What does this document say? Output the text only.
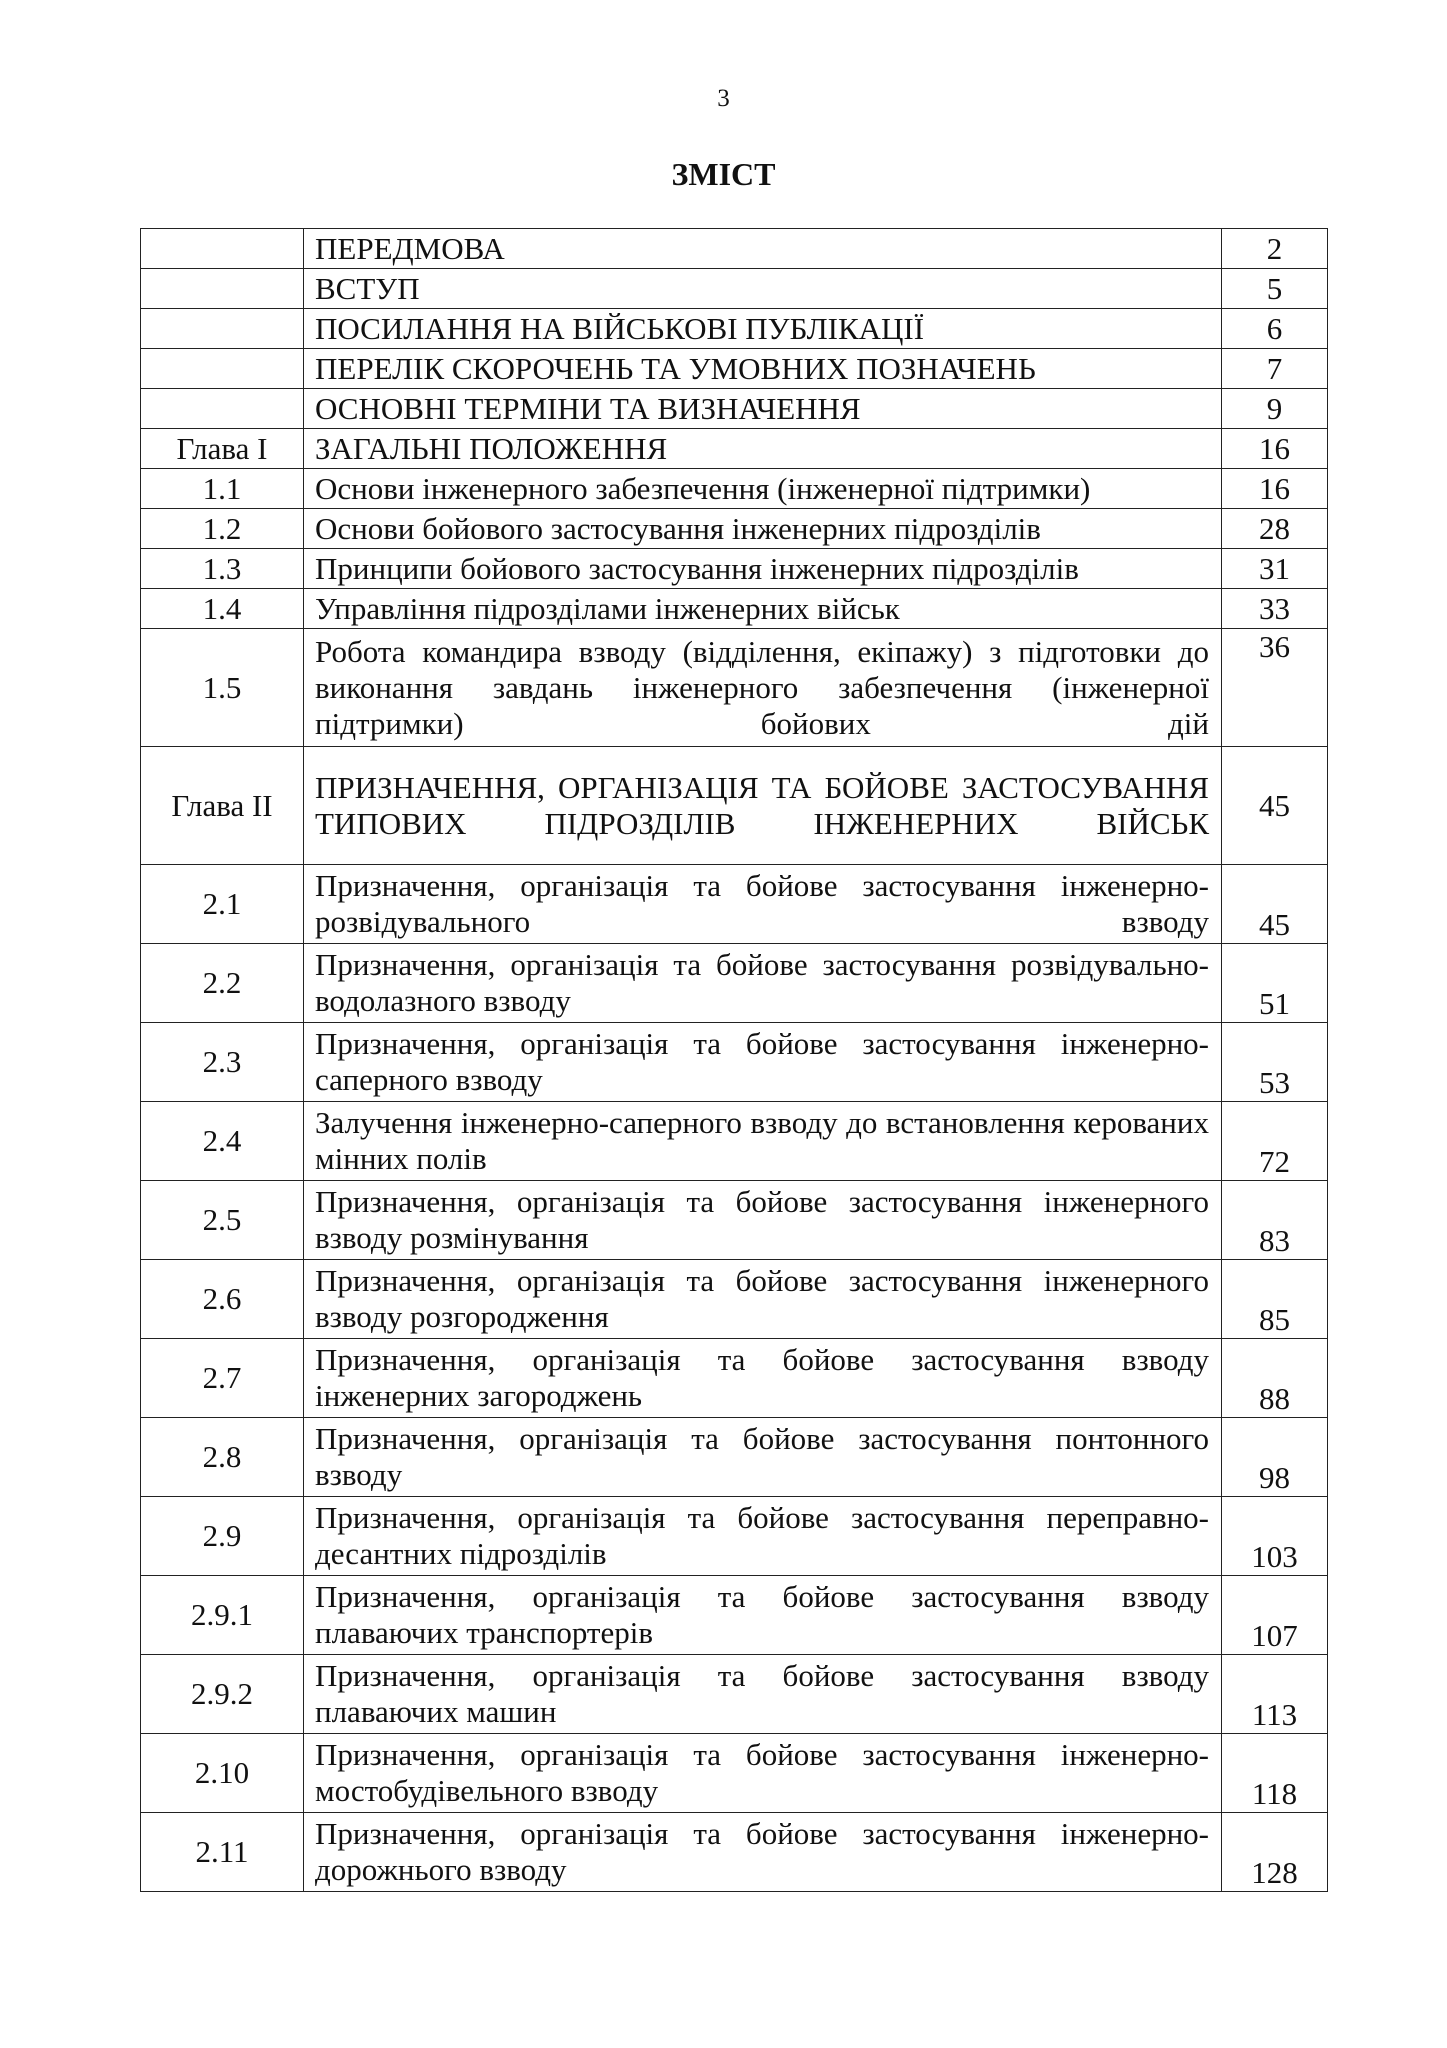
3
ЗМІСТ
	ПЕРЕДМОВА	2
	ВСТУП	5
	ПОСИЛАННЯ НА ВІЙСЬКОВІ ПУБЛІКАЦІЇ	6
	ПЕРЕЛІК СКОРОЧЕНЬ ТА УМОВНИХ ПОЗНАЧЕНЬ	7
	ОСНОВНІ ТЕРМІНИ ТА ВИЗНАЧЕННЯ	9
Глава I	ЗАГАЛЬНІ ПОЛОЖЕННЯ	16
1.1	Основи інженерного забезпечення (інженерної підтримки)	16
1.2	Основи бойового застосування інженерних підрозділів	28
1.3	Принципи бойового застосування інженерних підрозділів	31
1.4	Управління підрозділами інженерних військ	33
1.5	Робота командира взводу (відділення, екіпажу) з підготовки до виконання завдань інженерного забезпечення (інженерної підтримки) бойових дій	36
Глава II	ПРИЗНАЧЕННЯ, ОРГАНІЗАЦІЯ ТА БОЙОВЕ ЗАСТОСУВАННЯ ТИПОВИХ ПІДРОЗДІЛІВ ІНЖЕНЕРНИХ ВІЙСЬК	45
2.1	Призначення, організація та бойове застосування інженерно-розвідувального взводу	45
2.2	Призначення, організація та бойове застосування розвідувально-водолазного взводу	51
2.3	Призначення, організація та бойове застосування інженерно-саперного взводу	53
2.4	Залучення інженерно-саперного взводу до встановлення керованих мінних полів	72
2.5	Призначення, організація та бойове застосування інженерного взводу розмінування	83
2.6	Призначення, організація та бойове застосування інженерного взводу розгородження	85
2.7	Призначення, організація та бойове застосування взводу інженерних загороджень	88
2.8	Призначення, організація та бойове застосування понтонного взводу	98
2.9	Призначення, організація та бойове застосування переправно-десантних підрозділів	103
2.9.1	Призначення, організація та бойове застосування взводу плаваючих транспортерів	107
2.9.2	Призначення, організація та бойове застосування взводу плаваючих машин	113
2.10	Призначення, організація та бойове застосування інженерно-мостобудівельного взводу	118
2.11	Призначення, організація та бойове застосування інженерно-дорожнього взводу	128
